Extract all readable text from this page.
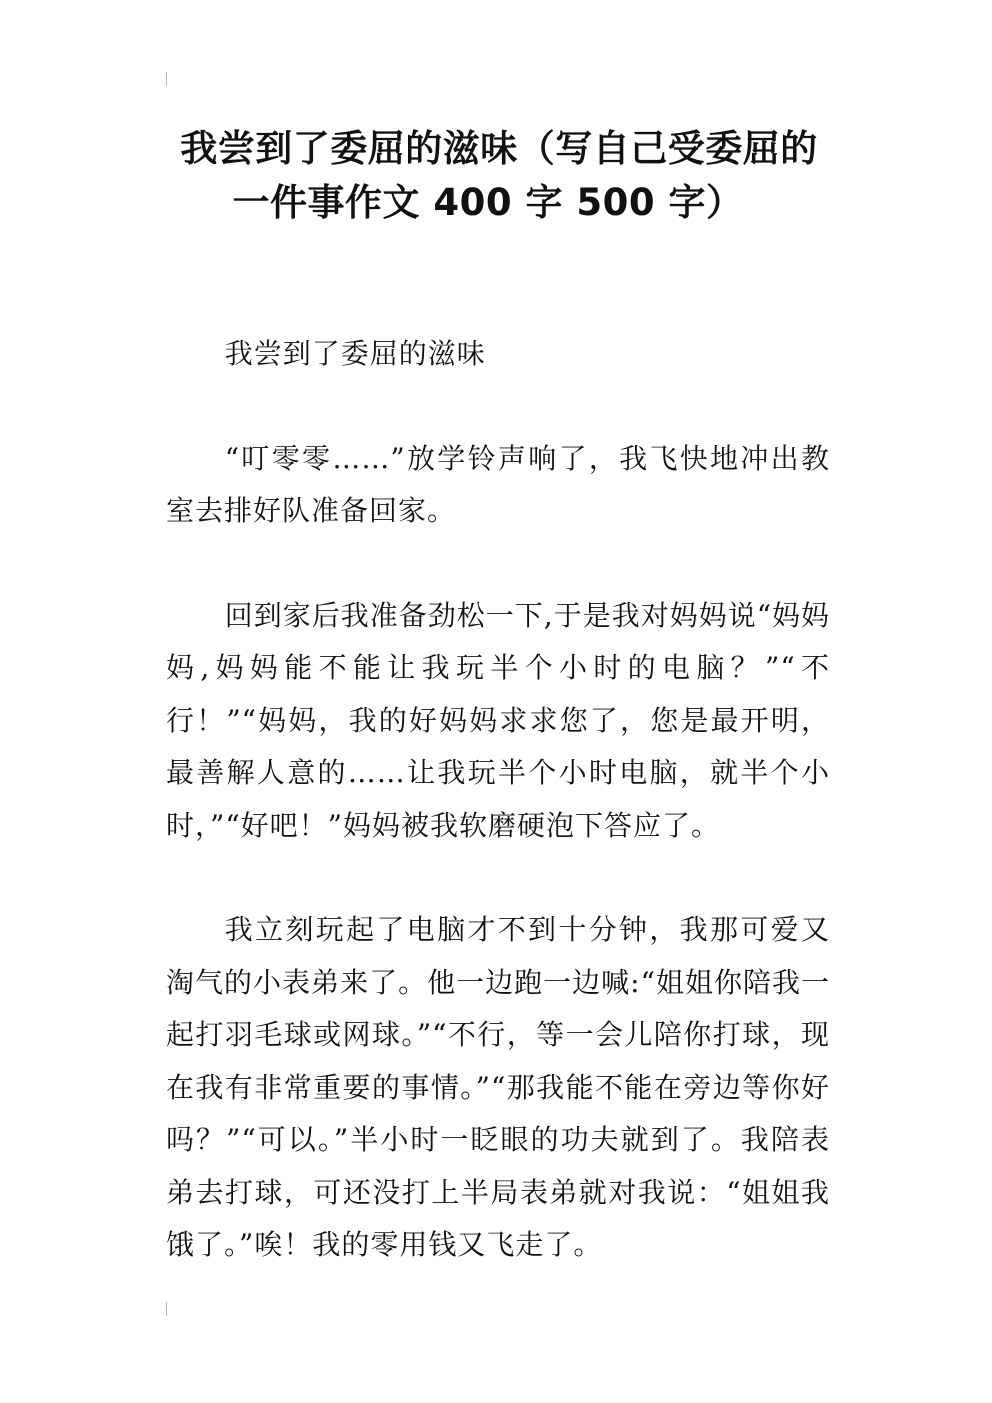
我尝到了委屈的滋味（写自己受委屈的
一件事作文 400 字 500 字）

我尝到了委屈的滋味

“叮零零……”放学铃声响了，我飞快地冲出教室去排好队准备回家。

回到家后我准备劲松一下,于是我对妈妈说“妈妈妈,妈妈能不能让我玩半个小时的电脑？”“不行！”“妈妈，我的好妈妈求求您了，您是最开明，最善解人意的……让我玩半个小时电脑，就半个小时，”“好吧！”妈妈被我软磨硬泡下答应了。

我立刻玩起了电脑才不到十分钟，我那可爱又淘气的小表弟来了。他一边跑一边喊:“姐姐你陪我一起打羽毛球或网球。”“不行，等一会儿陪你打球，现在我有非常重要的事情。”“那我能不能在旁边等你好吗？”“可以。”半小时一眨眼的功夫就到了。我陪表弟去打球，可还没打上半局表弟就对我说：“姐姐我饿了。”唉！我的零用钱又飞走了。
